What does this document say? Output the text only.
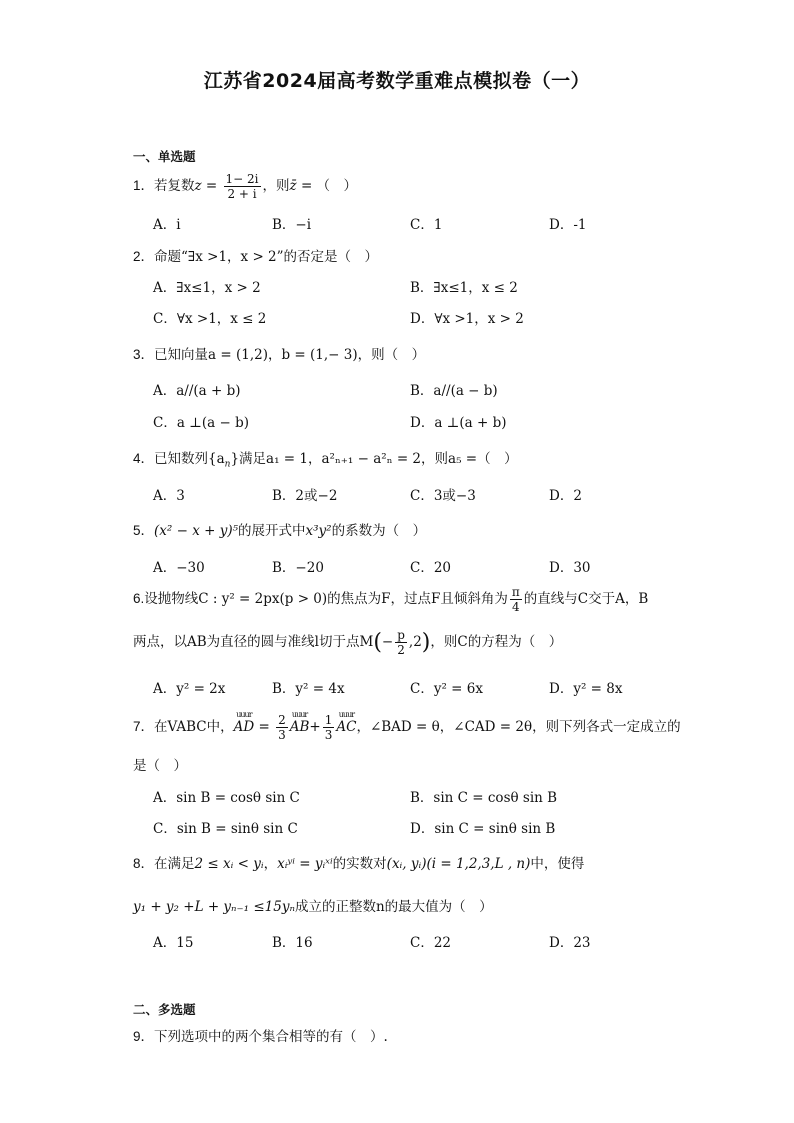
江苏省2024届高考数学重难点模拟卷（一）
一、单选题
1．若复数$z = \frac{1- 2i}{2 + i}$ ，则z̄ = （　）
A．i	B．−i	C．1	D．-1
2．命题“∃x >1，x > 2”的否定是（　）
A．∃x≤1，x > 2	B．∃x≤1，x ≤ 2
C．∀x >1，x ≤ 2	D．∀x >1，x > 2
3．已知向量a = (1,2)，b = (1,− 3)，则（　）
A．a//(a + b)	B．a//(a − b)
C．a ⊥(a − b)	D．a ⊥(a + b)
4．已知数列$\{a_n\}$满足a₁ = 1，a²ₙ₊₁ − a²ₙ = 2，则a₅ =（　）
A．3	B．2或−2	C．3或−3	D．2
5．(x² − x + y)⁵的展开式中x³y²的系数为（　）
A．−30	B．−20	C．20	D．30
6.设抛物线C : y² = 2px(p > 0)的焦点为F，过点F且倾斜角为 $\frac{\pi}{4}$ 的直线与C交于A，B
两点，以AB为直径的圆与准线l切于点$M(- \frac{p}{2} ,2)$，则C的方程为（　）
A．y² = 2x	B．y² = 4x	C．y² = 6x	D．y² = 8x
7．在VABC中，
uuur
AD = $\frac{2}{3}$ uuur
$AB+ \frac{1}{3}$ uuur
AC，∠BAD = θ，∠CAD = 2θ，则下列各式一定成立的
是（　）
A．sin B = cosθ sin C	B．sin C = cosθ sin B
C．sin B = sinθ sin C	D．sin C = sinθ sin B
8．在满足2 ≤ xᵢ < yᵢ，xᵢʸⁱ = yᵢˣⁱ的实数对(xᵢ, yᵢ)(i = 1,2,3,L , n)中，使得
y₁ + y₂ +L + yₙ₋₁ ≤15yₙ成立的正整数n的最大值为（　）
A．15	B．16	C．22	D．23
二、多选题
9．下列选项中的两个集合相等的有（　）.
